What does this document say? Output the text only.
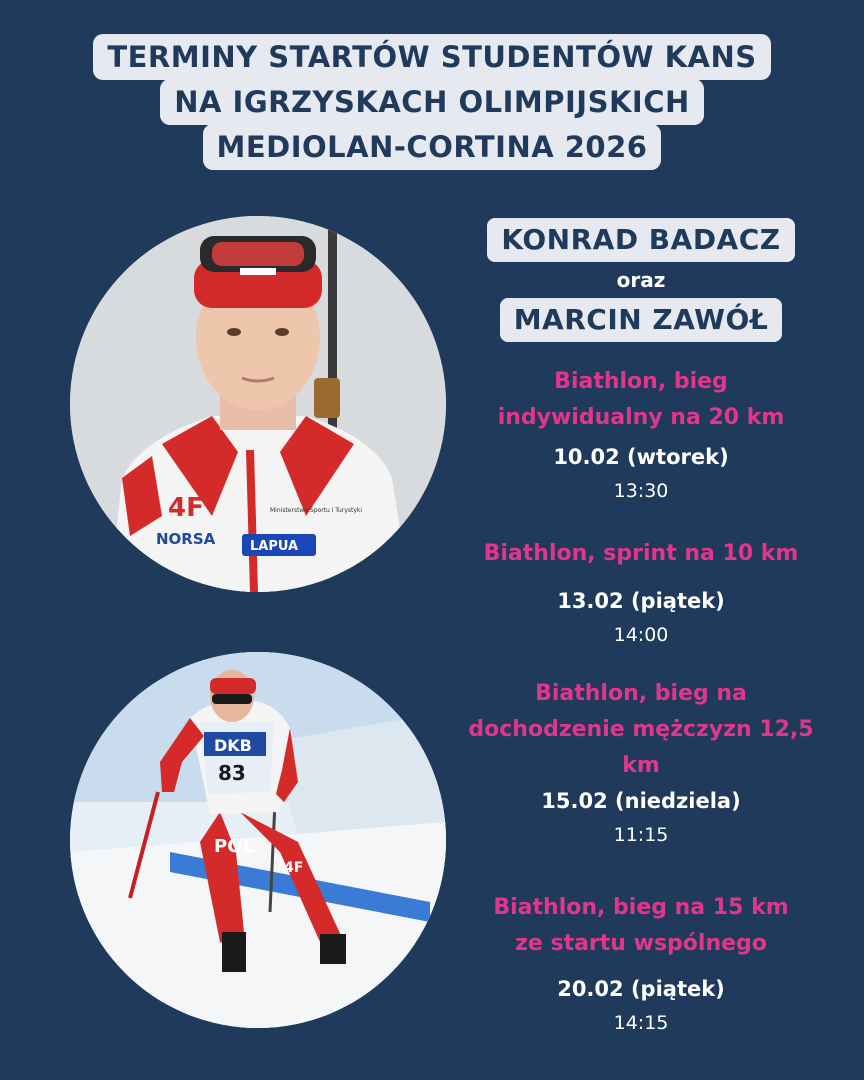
TERMINY STARTÓW STUDENTÓW KANS
NA IGRZYSKACH OLIMPIJSKICH
MEDIOLAN-CORTINA 2026
4F
NORSA	LAPUA
Ministerstwo Sportu i Turystyki
DKB
83
POL
4F
KONRAD BADACZ
oraz
MARCIN ZAWÓŁ
Biathlon, bieg
indywidualny na 20 km
10.02 (wtorek)
13:30
Biathlon, sprint na 10 km
13.02 (piątek)
14:00
Biathlon, bieg na
dochodzenie mężczyzn 12,5
km
15.02 (niedziela)
11:15
Biathlon, bieg na 15 km
ze startu wspólnego
20.02 (piątek)
14:15
